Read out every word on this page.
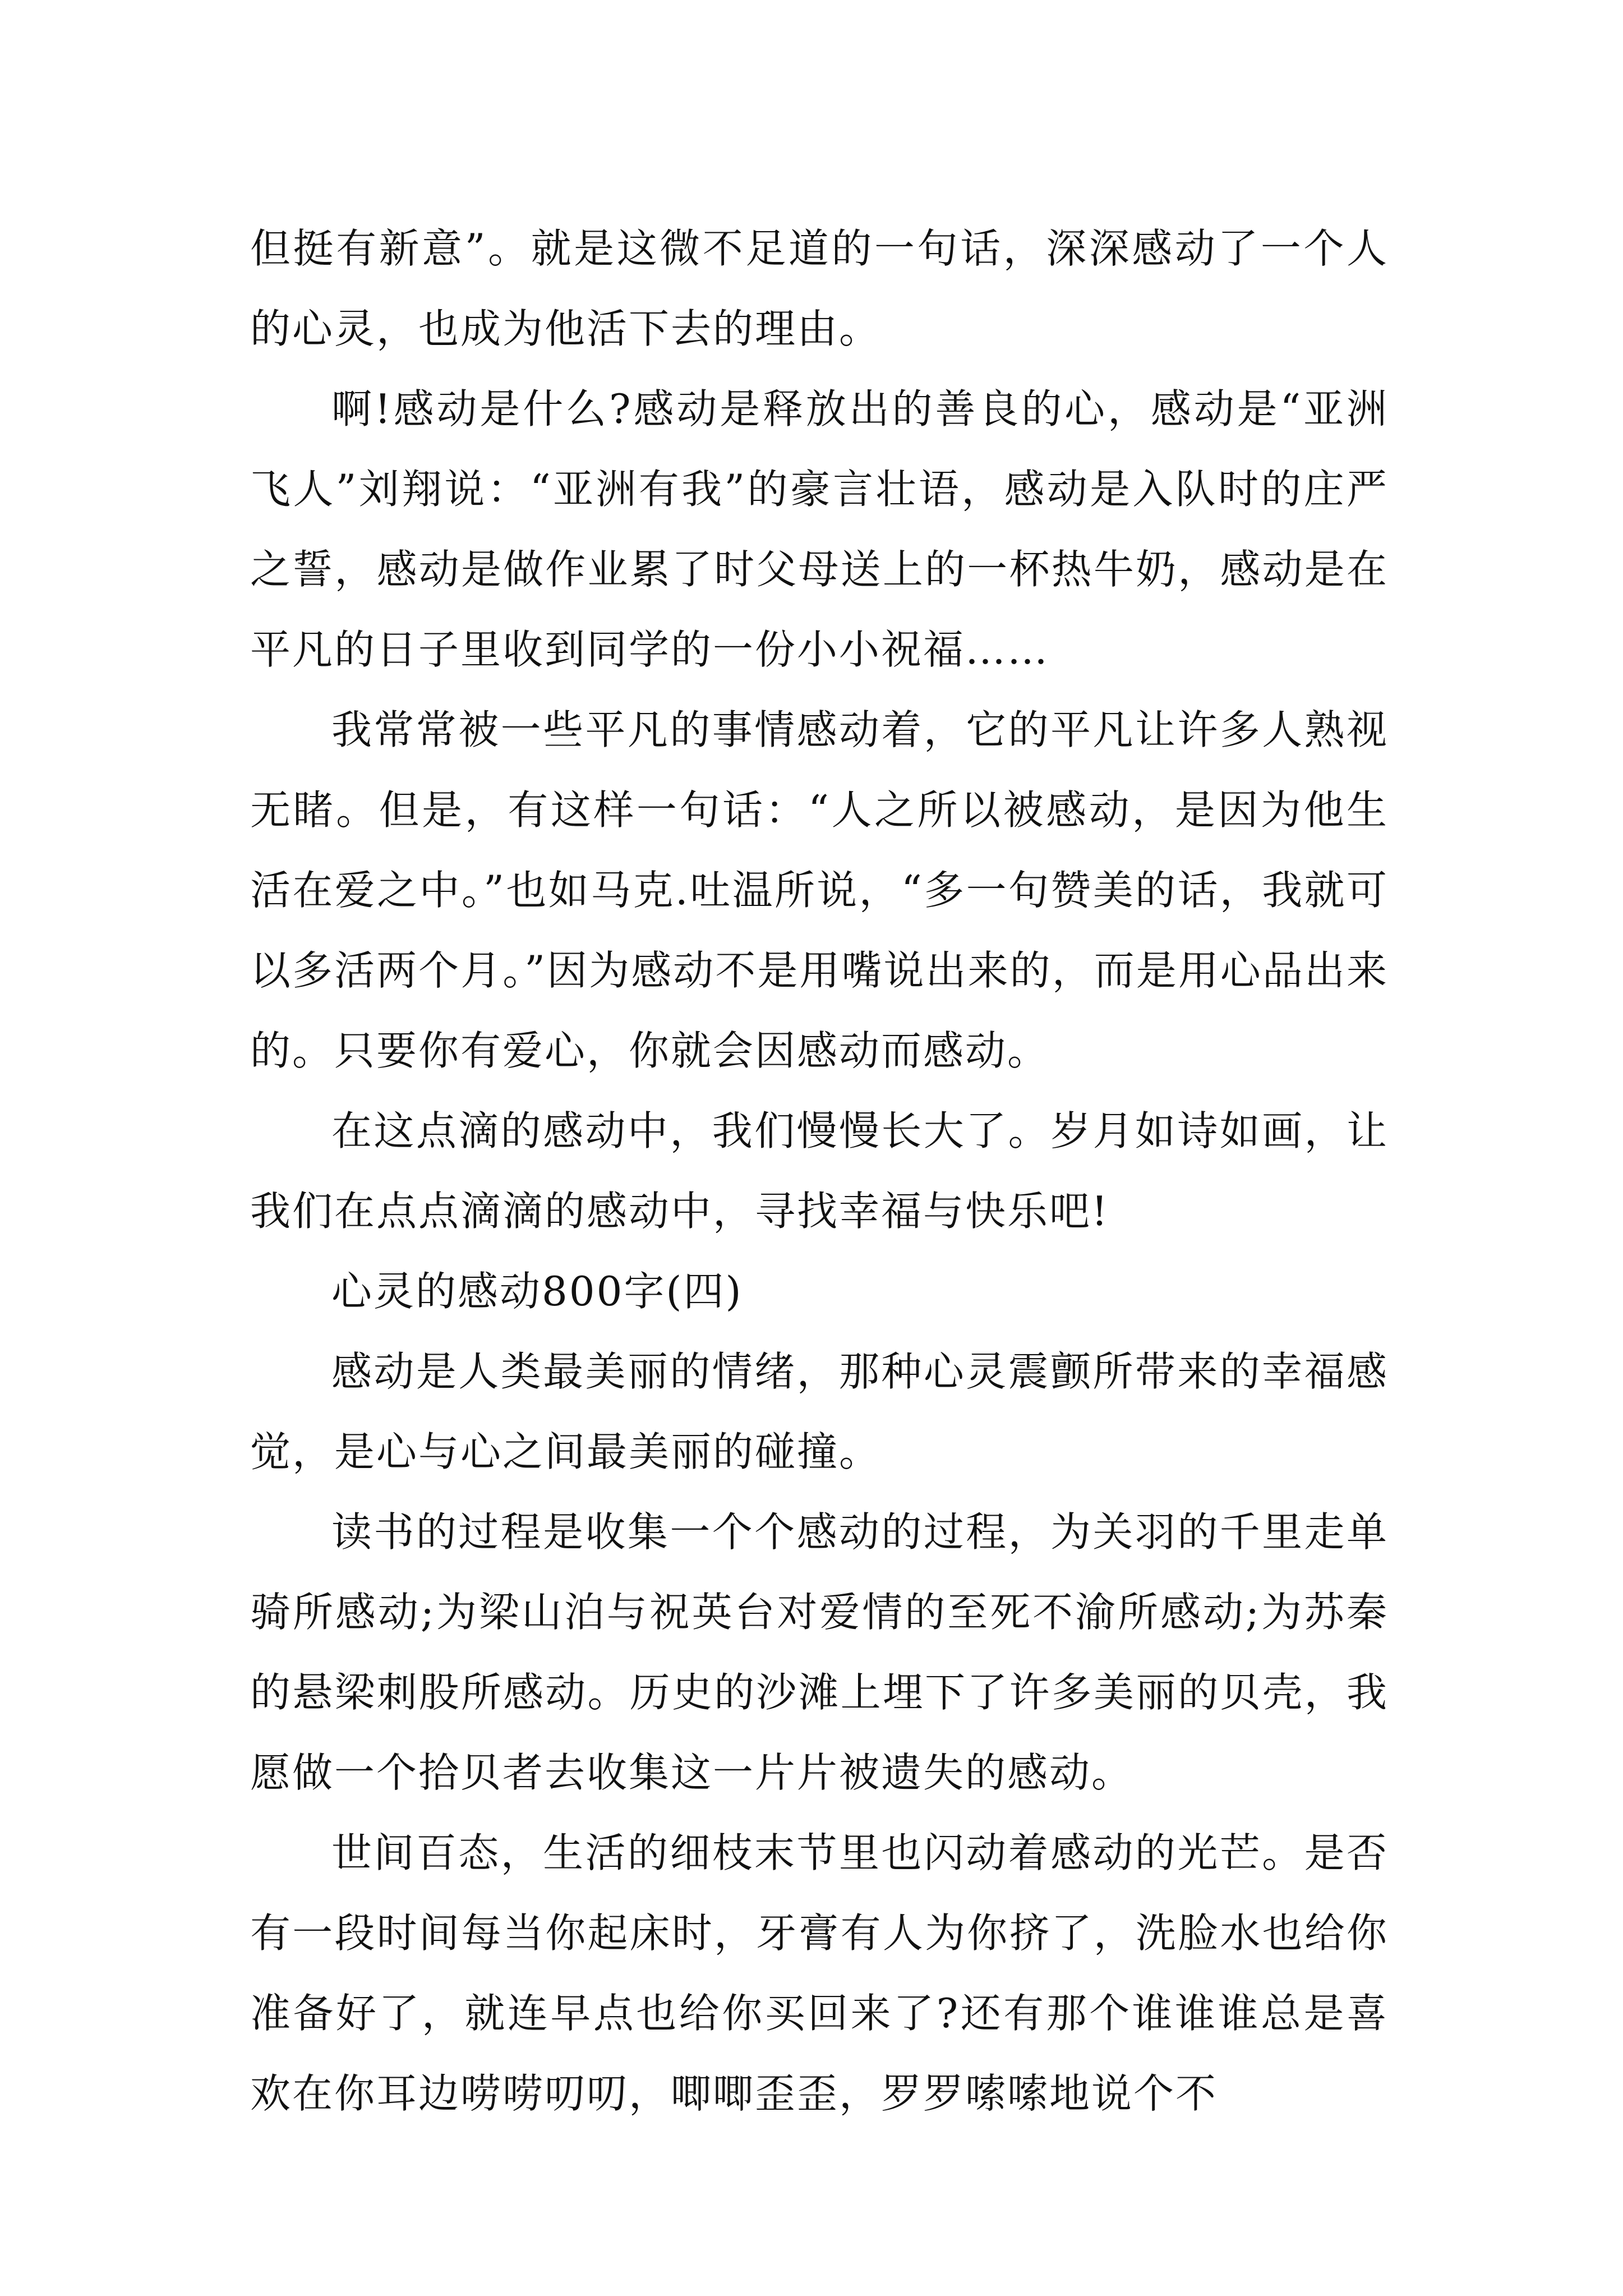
但挺有新意”。就是这微不足道的一句话，深深感动了一个人的心灵，也成为他活下去的理由。

啊!感动是什么?感动是释放出的善良的心，感动是“亚洲飞人”刘翔说：“亚洲有我”的豪言壮语，感动是入队时的庄严之誓，感动是做作业累了时父母送上的一杯热牛奶，感动是在平凡的日子里收到同学的一份小小祝福……

我常常被一些平凡的事情感动着，它的平凡让许多人熟视无睹。但是，有这样一句话：“人之所以被感动，是因为他生活在爱之中。”也如马克.吐温所说，“多一句赞美的话，我就可以多活两个月。”因为感动不是用嘴说出来的，而是用心品出来的。只要你有爱心，你就会因感动而感动。

在这点滴的感动中，我们慢慢长大了。岁月如诗如画，让我们在点点滴滴的感动中，寻找幸福与快乐吧!

心灵的感动800字(四)

感动是人类最美丽的情绪，那种心灵震颤所带来的幸福感觉，是心与心之间最美丽的碰撞。

读书的过程是收集一个个感动的过程，为关羽的千里走单骑所感动;为梁山泊与祝英台对爱情的至死不渝所感动;为苏秦的悬梁刺股所感动。历史的沙滩上埋下了许多美丽的贝壳，我愿做一个拾贝者去收集这一片片被遗失的感动。

世间百态，生活的细枝末节里也闪动着感动的光芒。是否有一段时间每当你起床时，牙膏有人为你挤了，洗脸水也给你准备好了，就连早点也给你买回来了?还有那个谁谁谁总是喜欢在你耳边唠唠叨叨，唧唧歪歪，罗罗嗦嗦地说个不
